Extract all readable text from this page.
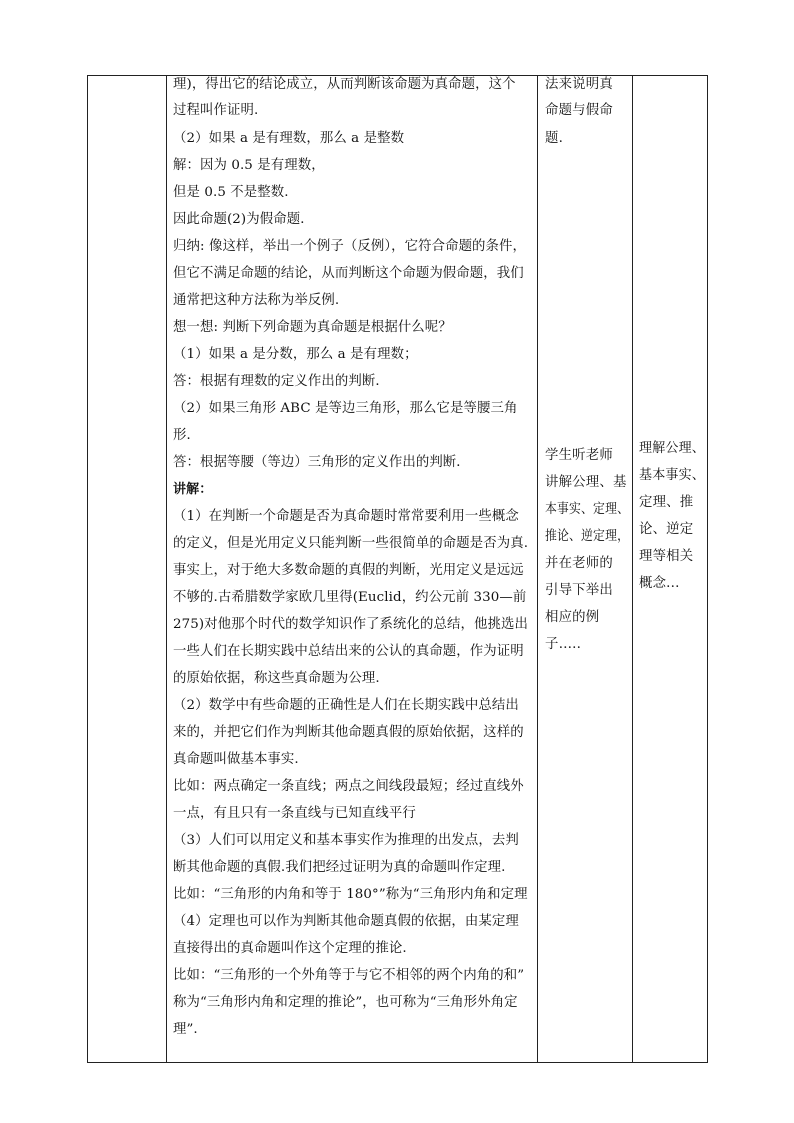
理)，得出它的结论成立，从而判断该命题为真命题，这个
过程叫作证明.
（2）如果 a 是有理数，那么 a 是整数
解：因为 0.5 是有理数，
但是 0.5 不是整数.
因此命题(2)为假命题．
归纳: 像这样，举出一个例子（反例），它符合命题的条件，
但它不满足命题的结论，从而判断这个命题为假命题，我们
通常把这种方法称为举反例.
想一想: 判断下列命题为真命题是根据什么呢？
（1）如果 a 是分数，那么 a 是有理数；
答：根据有理数的定义作出的判断．
（2）如果三角形 ABC 是等边三角形，那么它是等腰三角
形．
答：根据等腰（等边）三角形的定义作出的判断．
讲解：
（1）在判断一个命题是否为真命题时常常要利用一些概念
的定义，但是光用定义只能判断一些很简单的命题是否为真.
事实上，对于绝大多数命题的真假的判断，光用定义是远远
不够的.古希腊数学家欧几里得(Euclid，约公元前 330—前
275)对他那个时代的数学知识作了系统化的总结，他挑选出
一些人们在长期实践中总结出来的公认的真命题，作为证明
的原始依据，称这些真命题为公理.
（2）数学中有些命题的正确性是人们在长期实践中总结出
来的，并把它们作为判断其他命题真假的原始依据，这样的
真命题叫做基本事实.
比如：两点确定一条直线；两点之间线段最短；经过直线外
一点，有且只有一条直线与已知直线平行
（3）人们可以用定义和基本事实作为推理的出发点，去判
断其他命题的真假.我们把经过证明为真的命题叫作定理.
比如：“三角形的内角和等于 180°”称为“三角形内角和定理
（4）定理也可以作为判断其他命题真假的依据，由某定理
直接得出的真命题叫作这个定理的推论.
比如：“三角形的一个外角等于与它不相邻的两个内角的和”
称为“三角形内角和定理的推论”，也可称为“三角形外角定
理”.
法来说明真
命题与假命
题.
学生听老师
讲解公理、基
本事实、定理、
推论、逆定理，
并在老师的
引导下举出
相应的例
子…..
理解公理、
基本事实、
定理、推
论、逆定
理等相关
概念...
